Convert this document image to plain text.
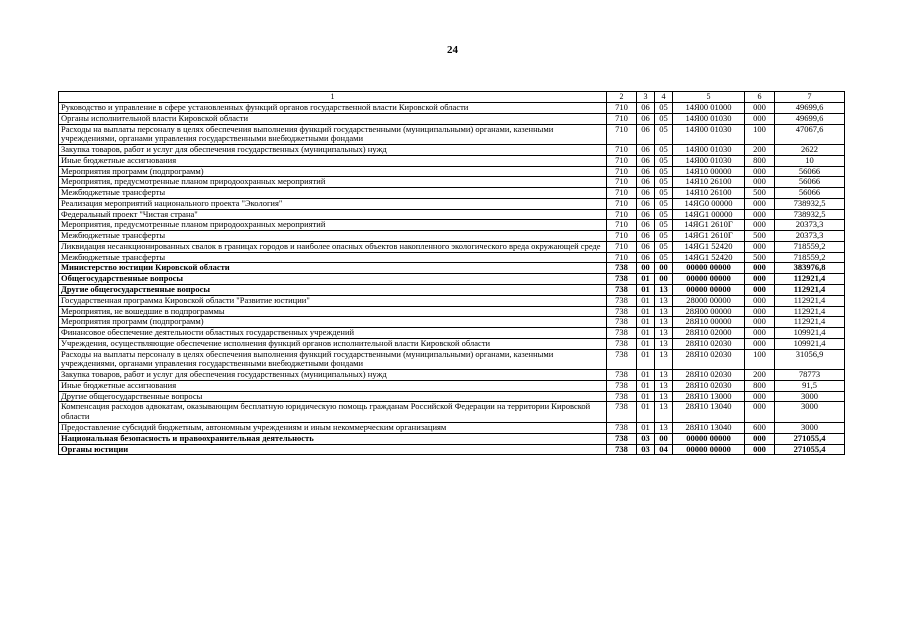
24
1	2	3	4	5	6	7
Руководство и управление в сфере установленных функций органов государственной власти Кировской области	710	06	05	14Я00 01000	000	49699,6
Органы исполнительной власти Кировской области	710	06	05	14Я00 01030	000	49699,6
Расходы на выплаты персоналу в целях обеспечения выполнения функций государственными (муниципальными) органами, казенными учреждениями, органами управления государственными внебюджетными фондами	710	06	05	14Я00 01030	100	47067,6
Закупка товаров, работ и услуг для обеспечения государственных (муниципальных) нужд	710	06	05	14Я00 01030	200	2622
Иные бюджетные ассигнования	710	06	05	14Я00 01030	800	10
Мероприятия программ (подпрограмм)	710	06	05	14Я10 00000	000	56066
Мероприятия, предусмотренные планом природоохранных мероприятий	710	06	05	14Я10 26100	000	56066
Межбюджетные трансферты	710	06	05	14Я10 26100	500	56066
Реализация мероприятий национального проекта "Экология"	710	06	05	14ЯG0 00000	000	738932,5
Федеральный проект "Чистая страна"	710	06	05	14ЯG1 00000	000	738932,5
Мероприятия, предусмотренные планом природоохранных мероприятий	710	06	05	14ЯG1 2610Г	000	20373,3
Межбюджетные трансферты	710	06	05	14ЯG1 2610Г	500	20373,3
Ликвидация несанкционированных свалок в границах городов и наиболее опасных объектов накопленного экологического вреда окружающей среде	710	06	05	14ЯG1 52420	000	718559,2
Межбюджетные трансферты	710	06	05	14ЯG1 52420	500	718559,2
Министерство юстиции Кировской области	738	00	00	00000 00000	000	383976,8
Общегосударственные вопросы	738	01	00	00000 00000	000	112921,4
Другие общегосударственные вопросы	738	01	13	00000 00000	000	112921,4
Государственная программа Кировской области "Развитие юстиции"	738	01	13	28000 00000	000	112921,4
Мероприятия, не вошедшие в подпрограммы	738	01	13	28Я00 00000	000	112921,4
Мероприятия программ (подпрограмм)	738	01	13	28Я10 00000	000	112921,4
Финансовое обеспечение деятельности областных государственных учреждений	738	01	13	28Я10 02000	000	109921,4
Учреждения, осуществляющие обеспечение исполнения функций органов исполнительной власти Кировской области	738	01	13	28Я10 02030	000	109921,4
Расходы на выплаты персоналу в целях обеспечения выполнения функций государственными (муниципальными) органами, казенными учреждениями, органами управления государственными внебюджетными фондами	738	01	13	28Я10 02030	100	31056,9
Закупка товаров, работ и услуг для обеспечения государственных (муниципальных) нужд	738	01	13	28Я10 02030	200	78773
Иные бюджетные ассигнования	738	01	13	28Я10 02030	800	91,5
Другие общегосударственные вопросы	738	01	13	28Я10 13000	000	3000
Компенсация расходов адвокатам, оказывающим бесплатную юридическую помощь гражданам Российской Федерации на территории Кировской области	738	01	13	28Я10 13040	000	3000
Предоставление субсидий бюджетным, автономным учреждениям и иным некоммерческим организациям	738	01	13	28Я10 13040	600	3000
Национальная безопасность и правоохранительная деятельность	738	03	00	00000 00000	000	271055,4
Органы юстиции	738	03	04	00000 00000	000	271055,4
